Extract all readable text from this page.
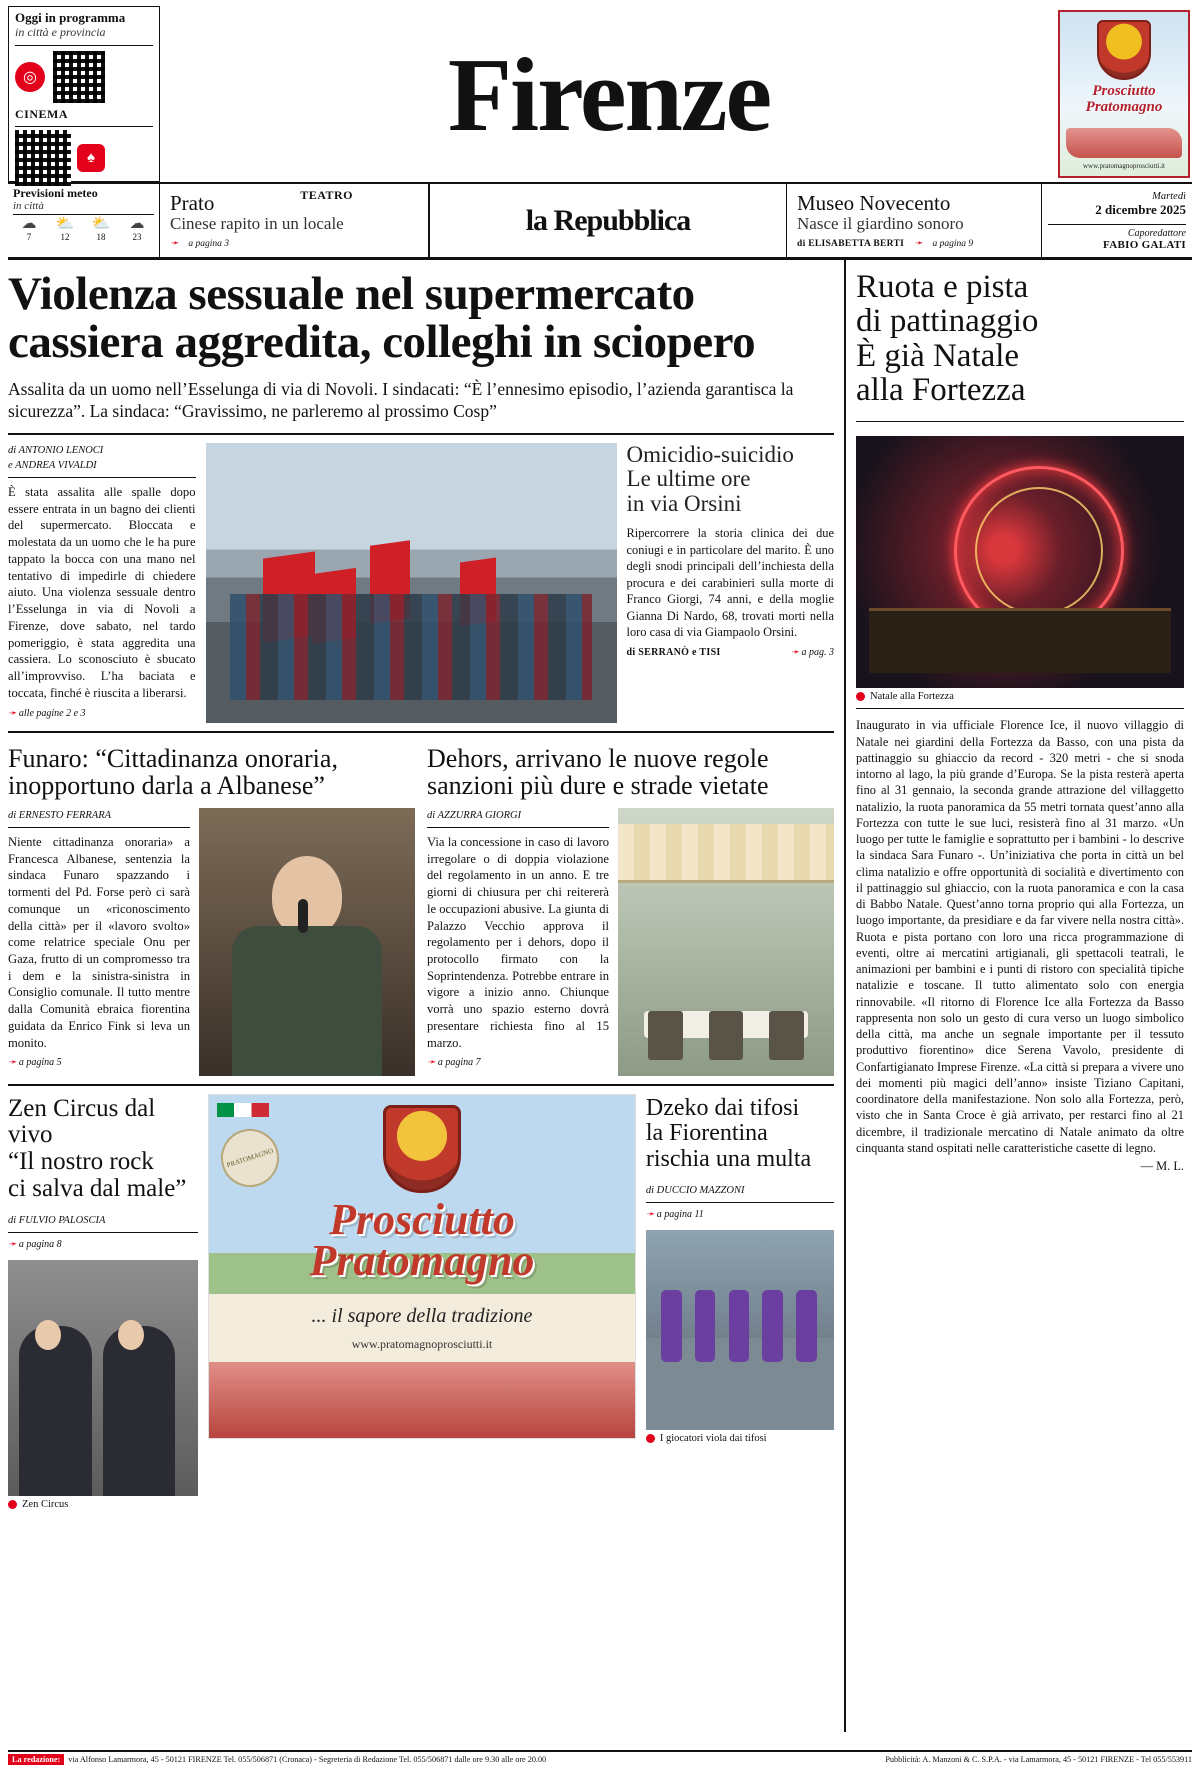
Oggi in programma
in città e provincia
◎
CINEMA
♠
TEATRO
Firenze	Prosciutto
Pratomagno
www.pratomagnoprosciutti.it
Previsioni meteo
in città
☁
7
⛅
12
⛅
18
☁
23
Prato

Cinese rapito in un locale

➛ a pagina 3
la Repubblica
Museo Novecento

Nasce il giardino sonoro

di ELISABETTA BERTI ➛ a pagina 9
Martedì
2 dicembre 2025
Caporedattore
FABIO GALATI
Violenza sessuale nel supermercato
cassiera aggredita, colleghi in sciopero
Assalita da un uomo nell’Esselunga di via di Novoli. I sindacati: “È l’ennesimo episodio, l’azienda garantisca la sicurezza”. La sindaca: “Gravissimo, ne parleremo al prossimo Cosp”
di ANTONIO LENOCI
e ANDREA VIVALDI
È stata assalita alle spalle dopo essere entrata in un bagno dei clienti del supermercato. Bloccata e molestata da un uomo che le ha pure tappato la bocca con una mano nel tentativo di impedirle di chiedere aiuto. Una violenza sessuale dentro l’Esselunga in via di Novoli a Firenze, dove sabato, nel tardo pomeriggio, è stata aggredita una cassiera. Lo sconosciuto è sbucato all’improvviso. L’ha baciata e toccata, finché è riuscita a liberarsi.
➛ alle pagine 2 e 3
Omicidio-suicidio
Le ultime ore
in via Orsini
Ripercorrere la storia clinica dei due coniugi e in particolare del marito. È uno degli snodi principali dell’inchiesta della procura e dei carabinieri sulla morte di Franco Giorgi, 74 anni, e della moglie Gianna Di Nardo, 68, trovati morti nella loro casa di via Giampaolo Orsini.
di SERRANÒ e TISI	➛ a pag. 3
Funaro: “Cittadinanza onoraria, inopportuno darla a Albanese”
di ERNESTO FERRARA
Niente cittadinanza onoraria» a Francesca Albanese, sentenzia la sindaca Funaro spazzando i tormenti del Pd. Forse però ci sarà comunque un «riconoscimento della città» per il «lavoro svolto» come relatrice speciale Onu per Gaza, frutto di un compromesso tra i dem e la sinistra-sinistra in Consiglio comunale. Il tutto mentre dalla Comunità ebraica fiorentina guidata da Enrico Fink si leva un monito.
➛ a pagina 5
Dehors, arrivano le nuove regole sanzioni più dure e strade vietate
di AZZURRA GIORGI
Via la concessione in caso di lavoro irregolare o di doppia violazione del regolamento in un anno. E tre giorni di chiusura per chi reitererà le occupazioni abusive. La giunta di Palazzo Vecchio approva il regolamento per i dehors, dopo il protocollo firmato con la Soprintendenza. Potrebbe entrare in vigore a inizio anno. Chiunque vorrà uno spazio esterno dovrà presentare richiesta fino al 15 marzo.
➛ a pagina 7
Zen Circus dal vivo
“Il nostro rock
ci salva dal male”
di FULVIO PALOSCIA
➛ a pagina 8
Zen Circus
PRATOMAGNO
Prosciutto
Pratomagno
... il sapore della tradizione
www.pratomagnoprosciutti.it
Dzeko dai tifosi
la Fiorentina
rischia una multa
di DUCCIO MAZZONI
➛ a pagina 11
I giocatori viola dai tifosi
Ruota e pista
di pattinaggio
È già Natale
alla Fortezza
Natale alla Fortezza
Inaugurato in via ufficiale Florence Ice, il nuovo villaggio di Natale nei giardini della Fortezza da Basso, con una pista da pattinaggio su ghiaccio da record - 320 metri - che si snoda intorno al lago, la più grande d’Europa. Se la pista resterà aperta fino al 31 gennaio, la seconda grande attrazione del villaggetto natalizio, la ruota panoramica da 55 metri tornata quest’anno alla Fortezza con tutte le sue luci, resisterà fino al 31 marzo. «Un luogo per tutte le famiglie e soprattutto per i bambini - lo descrive la sindaca Sara Funaro -. Un’iniziativa che porta in città un bel clima natalizio e offre opportunità di socialità e divertimento con il pattinaggio sul ghiaccio, con la ruota panoramica e con la casa di Babbo Natale. Quest’anno torna proprio qui alla Fortezza, un luogo importante, da presidiare e da far vivere nella nostra città». Ruota e pista portano con loro una ricca programmazione di eventi, oltre ai mercatini artigianali, gli spettacoli teatrali, le animazioni per bambini e i punti di ristoro con specialità tipiche natalizie e toscane. Il tutto alimentato solo con energia rinnovabile. «Il ritorno di Florence Ice alla Fortezza da Basso rappresenta non solo un gesto di cura verso un luogo simbolico della città, ma anche un segnale importante per il tessuto produttivo fiorentino» dice Serena Vavolo, presidente di Confartigianato Imprese Firenze. «La città si prepara a vivere uno dei momenti più magici dell’anno» insiste Tiziano Capitani, coordinatore della manifestazione. Non solo alla Fortezza, però, visto che in Santa Croce è già arrivato, per restarci fino al 21 dicembre, il tradizionale mercatino di Natale animato da oltre cinquanta stand ospitati nelle caratteristiche casette di legno.
— M. L.
La redazione: via Alfonso Lamarmora, 45 - 50121 FIRENZE Tel. 055/506871 (Cronaca) - Segreteria di Redazione Tel. 055/506871 dalle ore 9.30 alle ore 20.00	Pubblicità: A. Manzoni & C. S.P.A. - via Lamarmora, 45 - 50121 FIRENZE - Tel 055/553911
